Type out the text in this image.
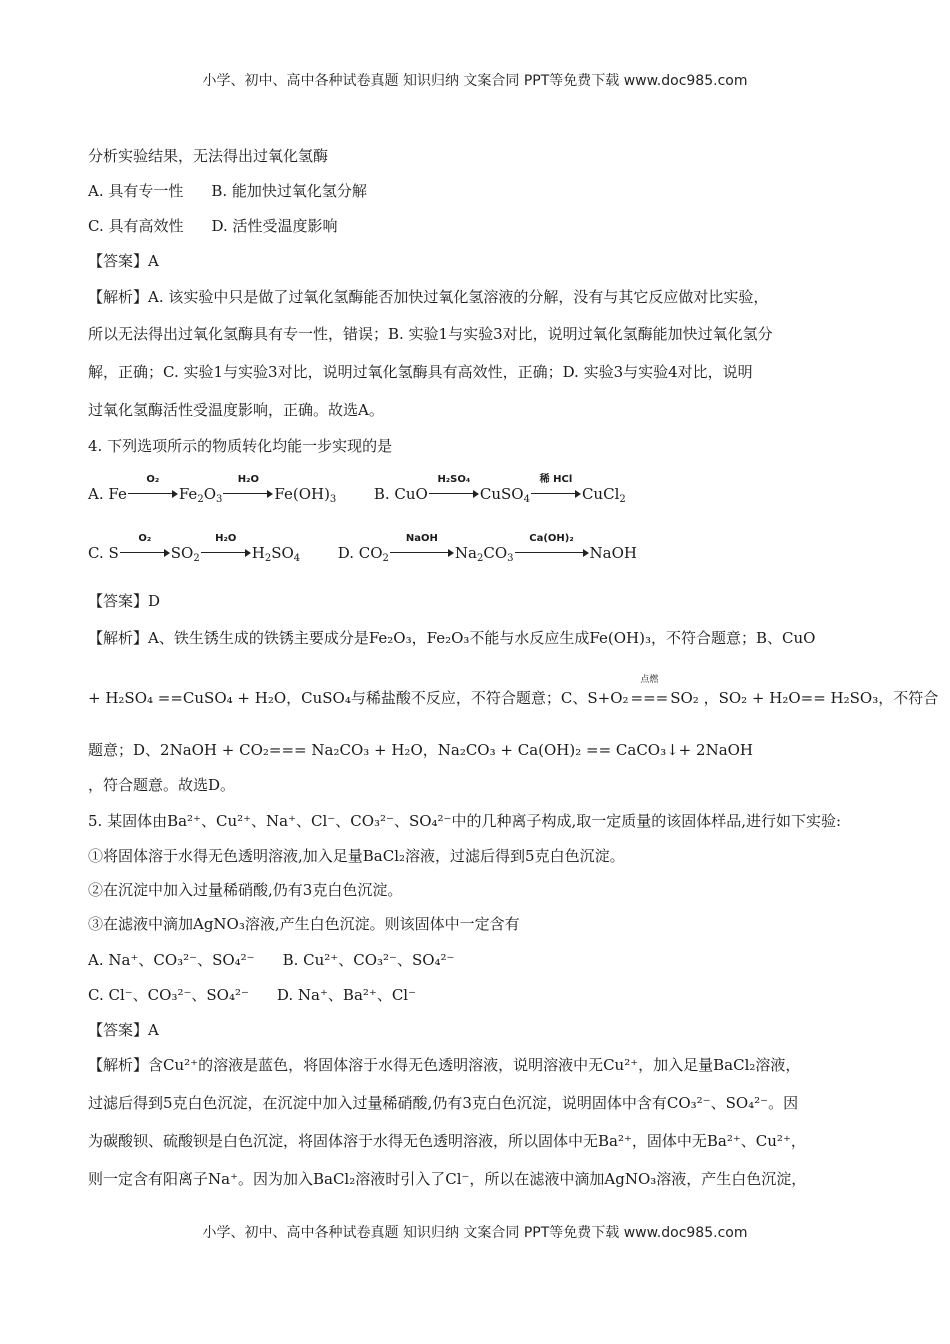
小学、初中、高中各种试卷真题 知识归纳 文案合同 PPT等免费下载 www.doc985.com
分析实验结果，无法得出过氧化氢酶
A. 具有专一性 B. 能加快过氧化氢分解
C. 具有高效性 D. 活性受温度影响
【答案】A
【解析】A. 该实验中只是做了过氧化氢酶能否加快过氧化氢溶液的分解，没有与其它反应做对比实验，
所以无法得出过氧化氢酶具有专一性，错误；B. 实验1与实验3对比，说明过氧化氢酶能加快过氧化氢分
解，正确；C. 实验1与实验3对比，说明过氧化氢酶具有高效性，正确；D. 实验3与实验4对比，说明
过氧化氢酶活性受温度影响，正确。故选A。
4. 下列选项所示的物质转化均能一步实现的是
A. Fe
O₂
$Fe_2O_3$
H₂O
$Fe(OH)_3$	B. CuO
H₂SO₄
CuSO$_4$
稀 HCl
CuCl$_2$
C. S
O₂
$SO_2$
H₂O
$H_2SO_4$	D. $CO_2$
NaOH
$Na_2CO_3$
Ca(OH)₂
NaOH
【答案】D
【解析】A、铁生锈生成的铁锈主要成分是Fe₂O₃，Fe₂O₃不能与水反应生成Fe(OH)₃，不符合题意；B、CuO
+ H₂SO₄ ==CuSO₄ + H₂O，CuSO₄与稀盐酸不反应，不符合题意；C、S+O₂
点燃
=== SO₂ ，SO₂ + H₂O== H₂SO₃，不符合
题意；D、2NaOH + CO₂=== Na₂CO₃ + H₂O，Na₂CO₃ + Ca(OH)₂ == CaCO₃↓+ 2NaOH
，符合题意。故选D。
5. 某固体由Ba²⁺、Cu²⁺、Na⁺、Cl⁻、CO₃²⁻、SO₄²⁻中的几种离子构成,取一定质量的该固体样品,进行如下实验:
①将固体溶于水得无色透明溶液,加入足量BaCl₂溶液，过滤后得到5克白色沉淀。
②在沉淀中加入过量稀硝酸,仍有3克白色沉淀。
③在滤液中滴加AgNO₃溶液,产生白色沉淀。则该固体中一定含有
A. Na⁺、CO₃²⁻、SO₄²⁻ B. Cu²⁺、CO₃²⁻、SO₄²⁻
C. Cl⁻、CO₃²⁻、SO₄²⁻ D. Na⁺、Ba²⁺、Cl⁻
【答案】A
【解析】含Cu²⁺的溶液是蓝色，将固体溶于水得无色透明溶液，说明溶液中无Cu²⁺，加入足量BaCl₂溶液，
过滤后得到5克白色沉淀，在沉淀中加入过量稀硝酸,仍有3克白色沉淀，说明固体中含有CO₃²⁻、SO₄²⁻。因
为碳酸钡、硫酸钡是白色沉淀，将固体溶于水得无色透明溶液，所以固体中无Ba²⁺，固体中无Ba²⁺、Cu²⁺，
则一定含有阳离子Na⁺。因为加入BaCl₂溶液时引入了Cl⁻，所以在滤液中滴加AgNO₃溶液，产生白色沉淀，
小学、初中、高中各种试卷真题 知识归纳 文案合同 PPT等免费下载 www.doc985.com
